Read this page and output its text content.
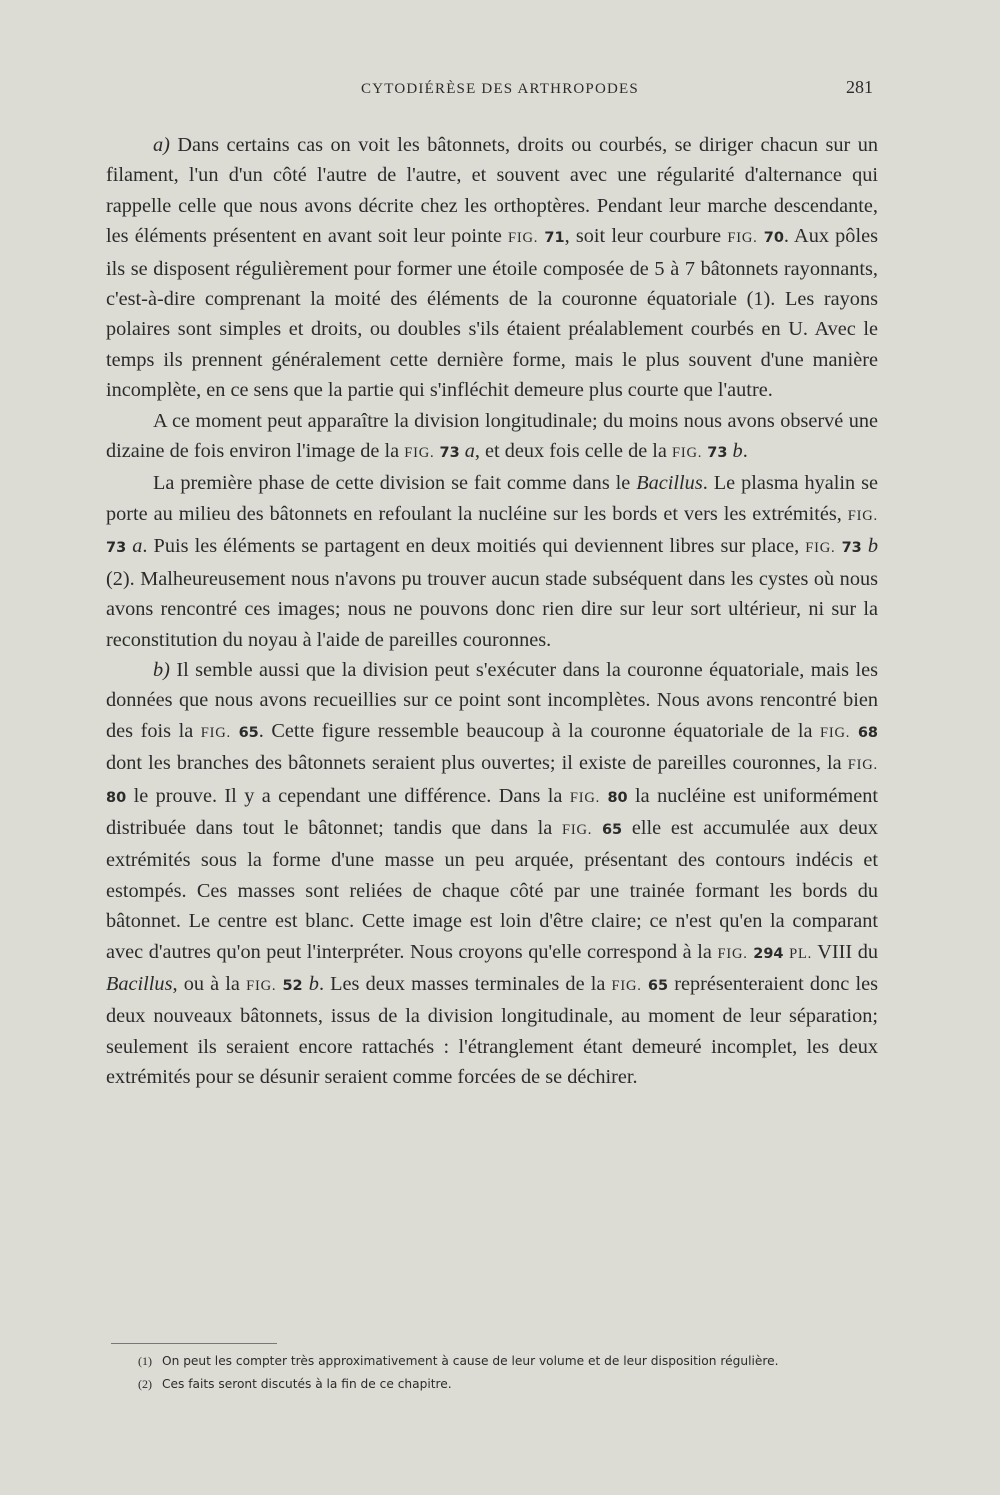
CYTODIÉRÈSE DES ARTHROPODES	281

a) Dans certains cas on voit les bâtonnets, droits ou courbés, se diriger chacun sur un filament, l'un d'un côté l'autre de l'autre, et souvent avec une régularité d'alternance qui rappelle celle que nous avons décrite chez les orthoptères. Pendant leur marche descendante, les éléments présentent en avant soit leur pointe FIG. 71, soit leur courbure FIG. 70. Aux pôles ils se disposent régulièrement pour former une étoile composée de 5 à 7 bâtonnets rayonnants, c'est-à-dire comprenant la moité des éléments de la couronne équatoriale (1). Les rayons polaires sont simples et droits, ou doubles s'ils étaient préalablement courbés en U. Avec le temps ils prennent généralement cette dernière forme, mais le plus souvent d'une manière incomplète, en ce sens que la partie qui s'infléchit demeure plus courte que l'autre.

A ce moment peut apparaître la division longitudinale; du moins nous avons observé une dizaine de fois environ l'image de la FIG. 73 a, et deux fois celle de la FIG. 73 b.

La première phase de cette division se fait comme dans le Bacillus. Le plasma hyalin se porte au milieu des bâtonnets en refoulant la nucléine sur les bords et vers les extrémités, FIG. 73 a. Puis les éléments se partagent en deux moitiés qui deviennent libres sur place, FIG. 73 b (2). Malheureusement nous n'avons pu trouver aucun stade subséquent dans les cystes où nous avons rencontré ces images; nous ne pouvons donc rien dire sur leur sort ultérieur, ni sur la reconstitution du noyau à l'aide de pareilles couronnes.

b) Il semble aussi que la division peut s'exécuter dans la couronne équatoriale, mais les données que nous avons recueillies sur ce point sont incomplètes. Nous avons rencontré bien des fois la FIG. 65. Cette figure ressemble beaucoup à la couronne équatoriale de la FIG. 68 dont les branches des bâtonnets seraient plus ouvertes; il existe de pareilles couronnes, la FIG. 80 le prouve. Il y a cependant une différence. Dans la FIG. 80 la nucléine est uniformément distribuée dans tout le bâtonnet; tandis que dans la FIG. 65 elle est accumulée aux deux extrémités sous la forme d'une masse un peu arquée, présentant des contours indécis et estompés. Ces masses sont reliées de chaque côté par une trainée formant les bords du bâtonnet. Le centre est blanc. Cette image est loin d'être claire; ce n'est qu'en la comparant avec d'autres qu'on peut l'interpréter. Nous croyons qu'elle correspond à la FIG. 294 PL. VIII du Bacillus, ou à la FIG. 52 b. Les deux masses terminales de la FIG. 65 représenteraient donc les deux nouveaux bâtonnets, issus de la division longitudinale, au moment de leur séparation; seulement ils seraient encore rattachés : l'étranglement étant demeuré incomplet, les deux extrémités pour se désunir seraient comme forcées de se déchirer.

(1) On peut les compter très approximativement à cause de leur volume et de leur disposition régulière.

(2) Ces faits seront discutés à la fin de ce chapitre.
